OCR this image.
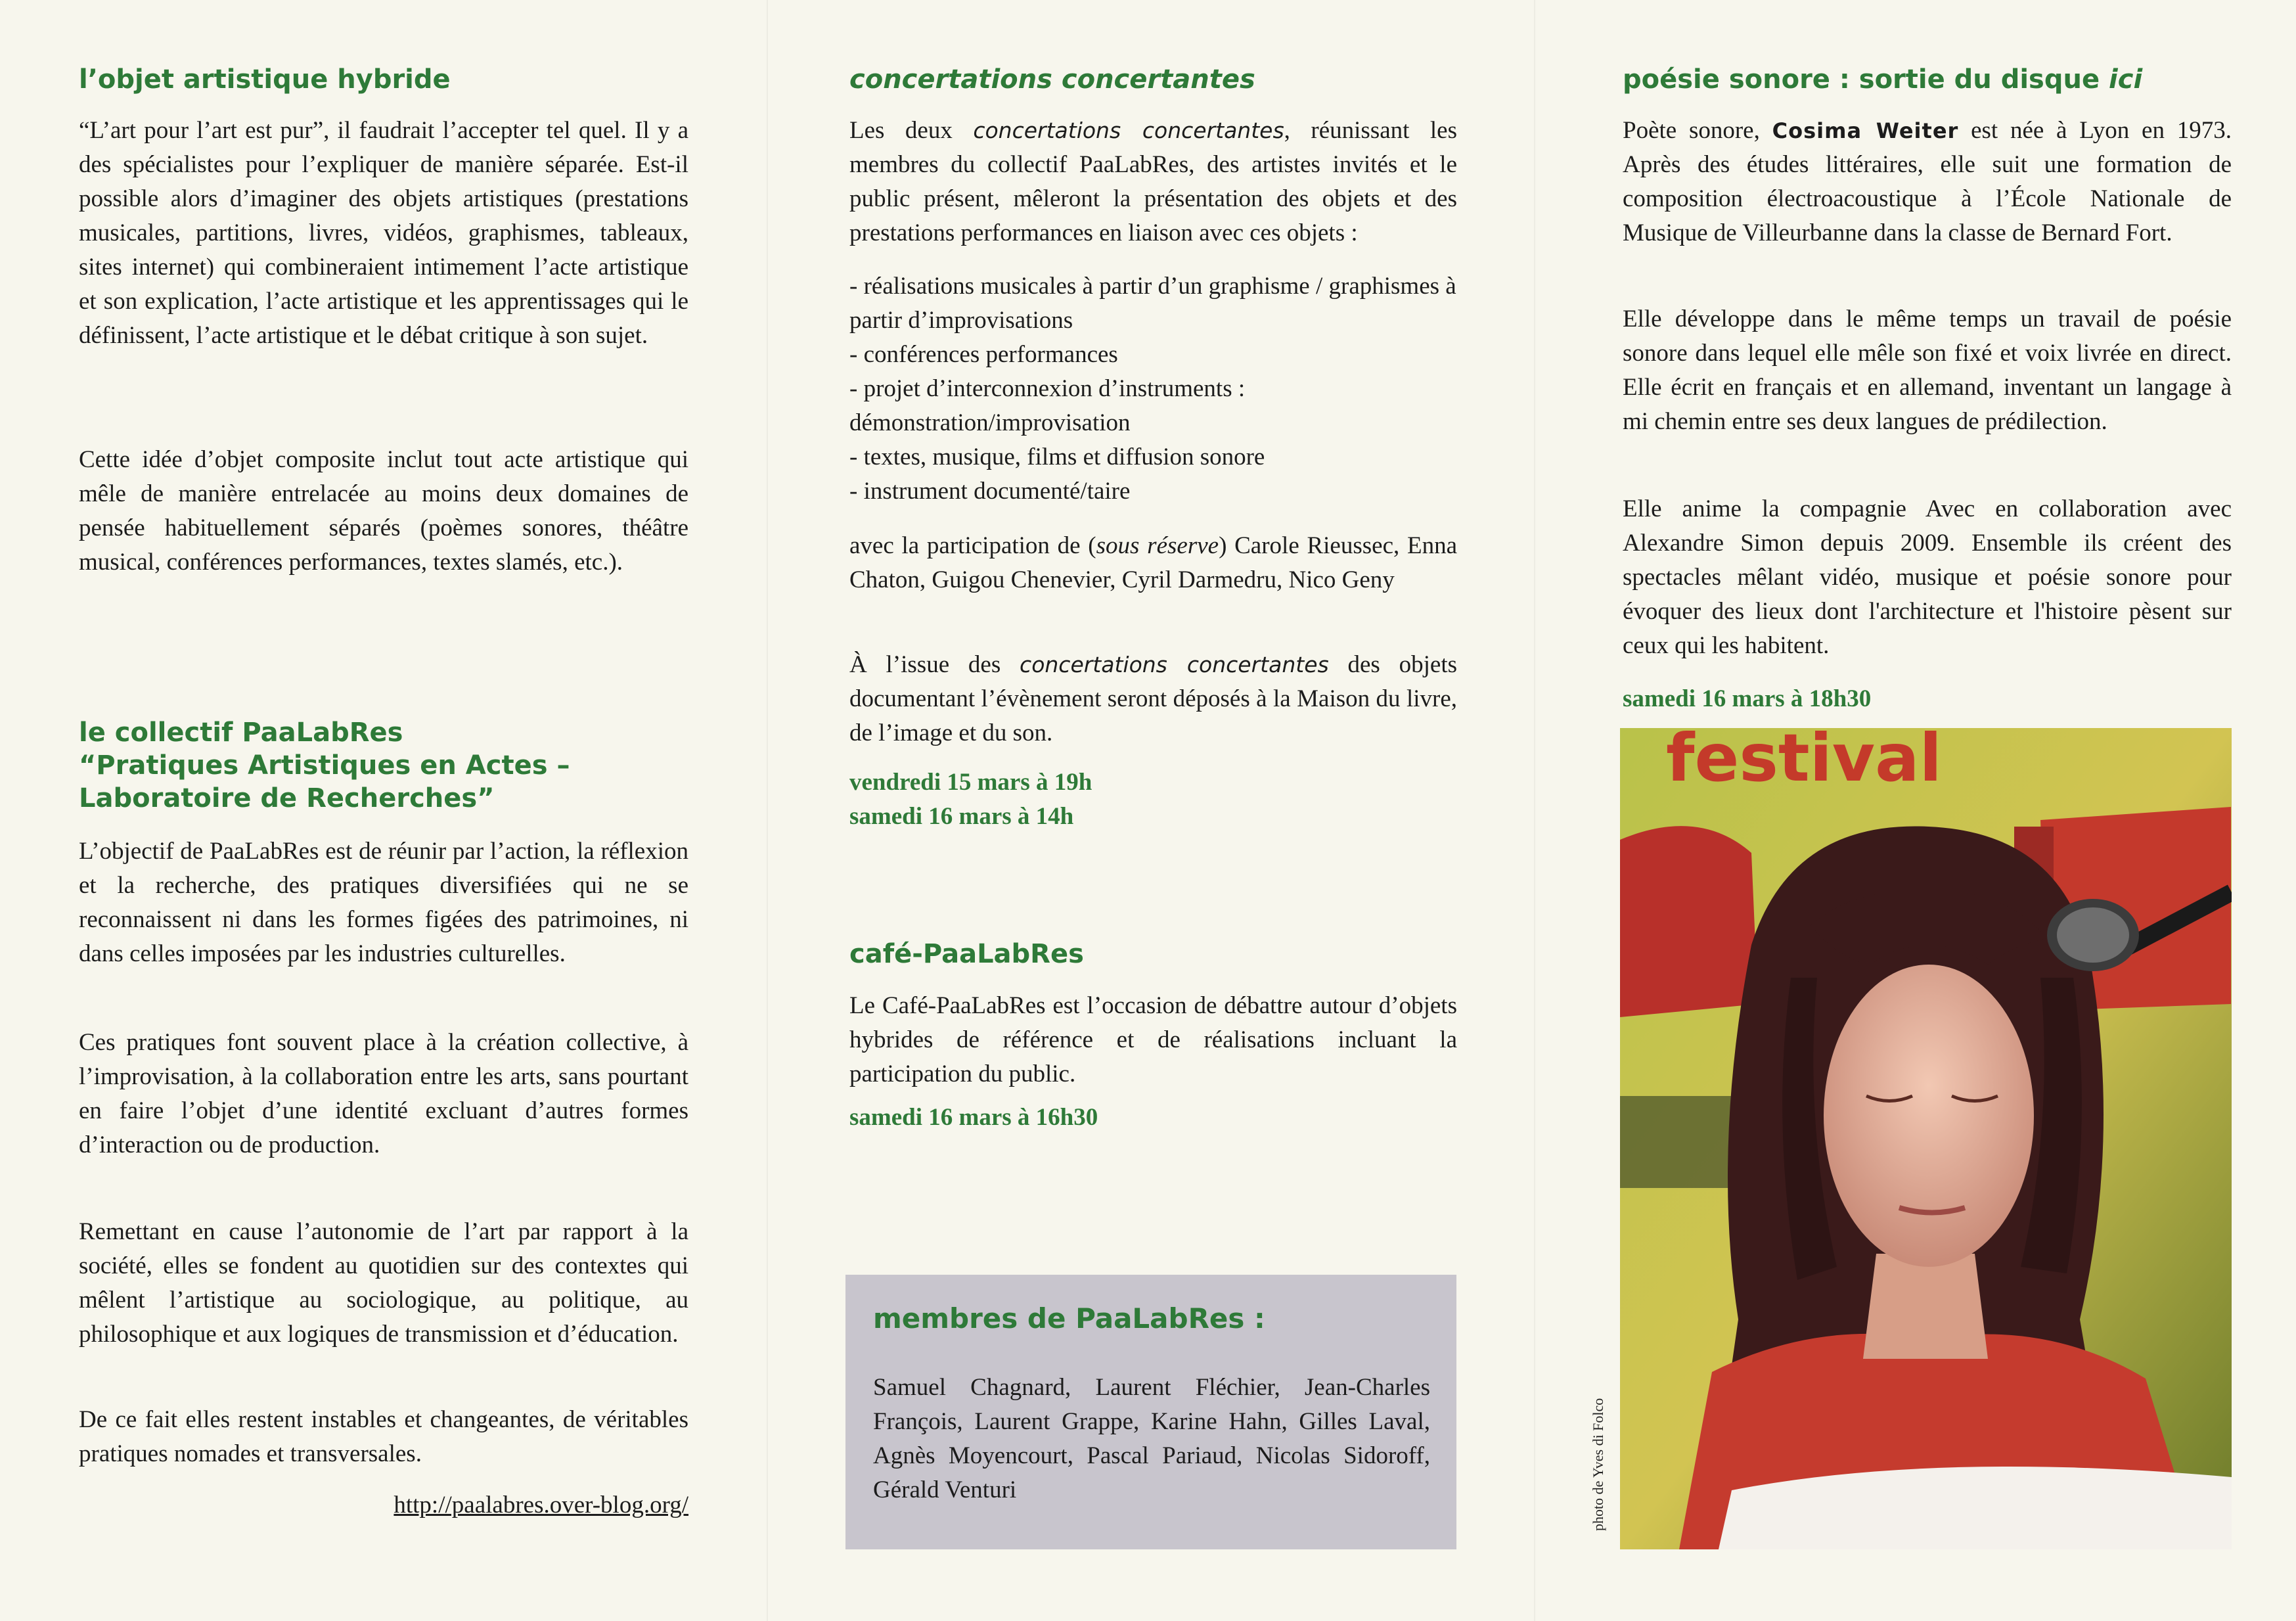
l’objet artistique hybride

“L’art pour l’art est pur”, il faudrait l’accepter tel quel. Il y a des spécialistes pour l’expliquer de manière séparée. Est-il possible alors d’imaginer des objets artistiques (prestations musicales, partitions, livres, vidéos, graphismes, tableaux, sites internet) qui combineraient intimement l’acte artistique et son explication, l’acte artistique et les apprentissages qui le définissent, l’acte artistique et le débat critique à son sujet.

Cette idée d’objet composite inclut tout acte artistique qui mêle de manière entrelacée au moins deux domaines de pensée habituellement séparés (poèmes sonores, théâtre musical, conférences performances, textes slamés, etc.).

le collectif PaaLabRes
“Pratiques Artistiques en Actes – Laboratoire de Recherches”

L’objectif de PaaLabRes est de réunir par l’action, la réflexion et la recherche, des pratiques diversifiées qui ne se reconnaissent ni dans les formes figées des patrimoines, ni dans celles imposées par les industries culturelles.

Ces pratiques font souvent place à la création collective, à l’improvisation, à la collaboration entre les arts, sans pourtant en faire l’objet d’une identité excluant d’autres formes d’interaction ou de production.

Remettant en cause l’autonomie de l’art par rapport à la société, elles se fondent au quotidien sur des contextes qui mêlent l’artistique au sociologique, au politique, au philosophique et aux logiques de transmission et d’éducation.

De ce fait elles restent instables et changeantes, de véritables pratiques nomades et transversales.

http://paalabres.over-blog.org/

concertations concertantes

Les deux concertations concertantes, réunissant les membres du collectif PaaLabRes, des artistes invités et le public présent, mêleront la présentation des objets et des prestations performances en liaison avec ces objets :

- réalisations musicales à partir d’un graphisme / graphismes à partir d’improvisations

- conférences performances

- projet d’interconnexion d’instruments : démonstration/improvisation

- textes, musique, films et diffusion sonore

- instrument documenté/taire

avec la participation de (sous réserve) Carole Rieussec, Enna Chaton, Guigou Chenevier, Cyril Darmedru, Nico Geny

À l’issue des concertations concertantes des objets documentant l’évènement seront déposés à la Maison du livre, de l’image et du son.

vendredi 15 mars à 19h

samedi 16 mars à 14h

café-PaaLabRes

Le Café-PaaLabRes est l’occasion de débattre autour d’objets hybrides de référence et de réalisations incluant la participation du public.

samedi 16 mars à 16h30

membres de PaaLabRes :

Samuel Chagnard, Laurent Fléchier, Jean-Charles François, Laurent Grappe, Karine Hahn, Gilles Laval, Agnès Moyencourt, Pascal Pariaud, Nicolas Sidoroff, Gérald Venturi

poésie sonore : sortie du disque ici

Poète sonore, Cosima Weiter est née à Lyon en 1973. Après des études littéraires, elle suit une formation de composition électroacoustique à l’École Nationale de Musique de Villeurbanne dans la classe de Bernard Fort.

Elle développe dans le même temps un travail de poésie sonore dans lequel elle mêle son fixé et voix livrée en direct. Elle écrit en français et en allemand, inventant un langage à mi chemin entre ses deux langues de prédilection.

Elle anime la compagnie Avec en collaboration avec Alexandre Simon depuis 2009. Ensemble ils créent des spectacles mêlant vidéo, musique et poésie sonore pour évoquer des lieux dont l'architecture et l'histoire pèsent sur ceux qui les habitent.

samedi 16 mars à 18h30

festival
photo de Yves di Folco
